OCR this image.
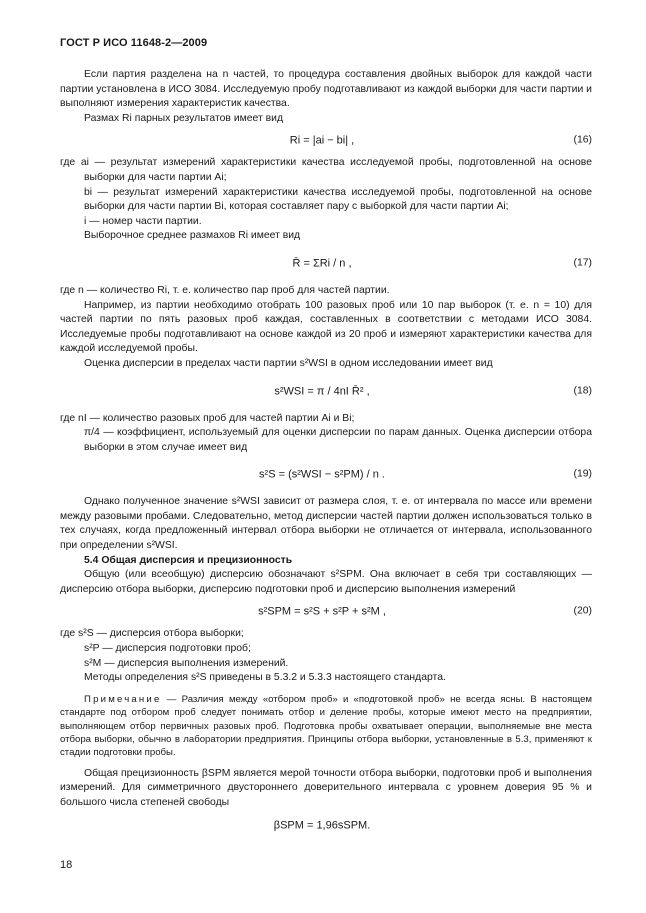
ГОСТ Р ИСО 11648-2—2009

Если партия разделена на n частей, то процедура составления двойных выборок для каждой части партии установлена в ИСО 3084. Исследуемую пробу подготавливают из каждой выборки для части партии и выполняют измерения характеристик качества.

Размах Ri парных результатов имеет вид

Ri = |ai − bi| ,	(16)

где ai — результат измерений характеристики качества исследуемой пробы, подготовленной на основе выборки для части партии Ai;

bi — результат измерений характеристики качества исследуемой пробы, подготовленной на основе выборки для части партии Bi, которая составляет пару с выборкой для части партии Ai;

i — номер части партии.

Выборочное среднее размахов Ri имеет вид

R̄ = ΣRi / n ,	(17)

где n — количество Ri, т. е. количество пар проб для частей партии.

Например, из партии необходимо отобрать 100 разовых проб или 10 пар выборок (т. е. n = 10) для частей партии по пять разовых проб каждая, составленных в соответствии с методами ИСО 3084. Исследуемые пробы подготавливают на основе каждой из 20 проб и измеряют характеристики качества для каждой исследуемой пробы.

Оценка дисперсии в пределах части партии s²WSI в одном исследовании имеет вид

s²WSI = π / 4nI R̄² ,	(18)

где nI — количество разовых проб для частей партии Ai и Bi;

π/4 — коэффициент, используемый для оценки дисперсии по парам данных. Оценка дисперсии отбора выборки в этом случае имеет вид

s²S = (s²WSI − s²PM) / n .	(19)

Однако полученное значение s²WSI зависит от размера слоя, т. е. от интервала по массе или времени между разовыми пробами. Следовательно, метод дисперсии частей партии должен использоваться только в тех случаях, когда предложенный интервал отбора выборки не отличается от интервала, использованного при определении s²WSI.

5.4 Общая дисперсия и прецизионность

Общую (или всеобщую) дисперсию обозначают s²SPM. Она включает в себя три составляющих — дисперсию отбора выборки, дисперсию подготовки проб и дисперсию выполнения измерений

s²SPM = s²S + s²P + s²M ,	(20)

где s²S — дисперсия отбора выборки;

s²P — дисперсия подготовки проб;

s²M — дисперсия выполнения измерений.

Методы определения s²S приведены в 5.3.2 и 5.3.3 настоящего стандарта.

Примечание — Различия между «отбором проб» и «подготовкой проб» не всегда ясны. В настоящем стандарте под отбором проб следует понимать отбор и деление пробы, которые имеют место на предприятии, выполняющем отбор первичных разовых проб. Подготовка пробы охватывает операции, выполняемые вне места отбора выборки, обычно в лаборатории предприятия. Принципы отбора выборки, установленные в 5.3, применяют к стадии подготовки пробы.

Общая прецизионность βSPM является мерой точности отбора выборки, подготовки проб и выполнения измерений. Для симметричного двустороннего доверительного интервала с уровнем доверия 95 % и большого числа степеней свободы

βSPM = 1,96sSPM.
18
